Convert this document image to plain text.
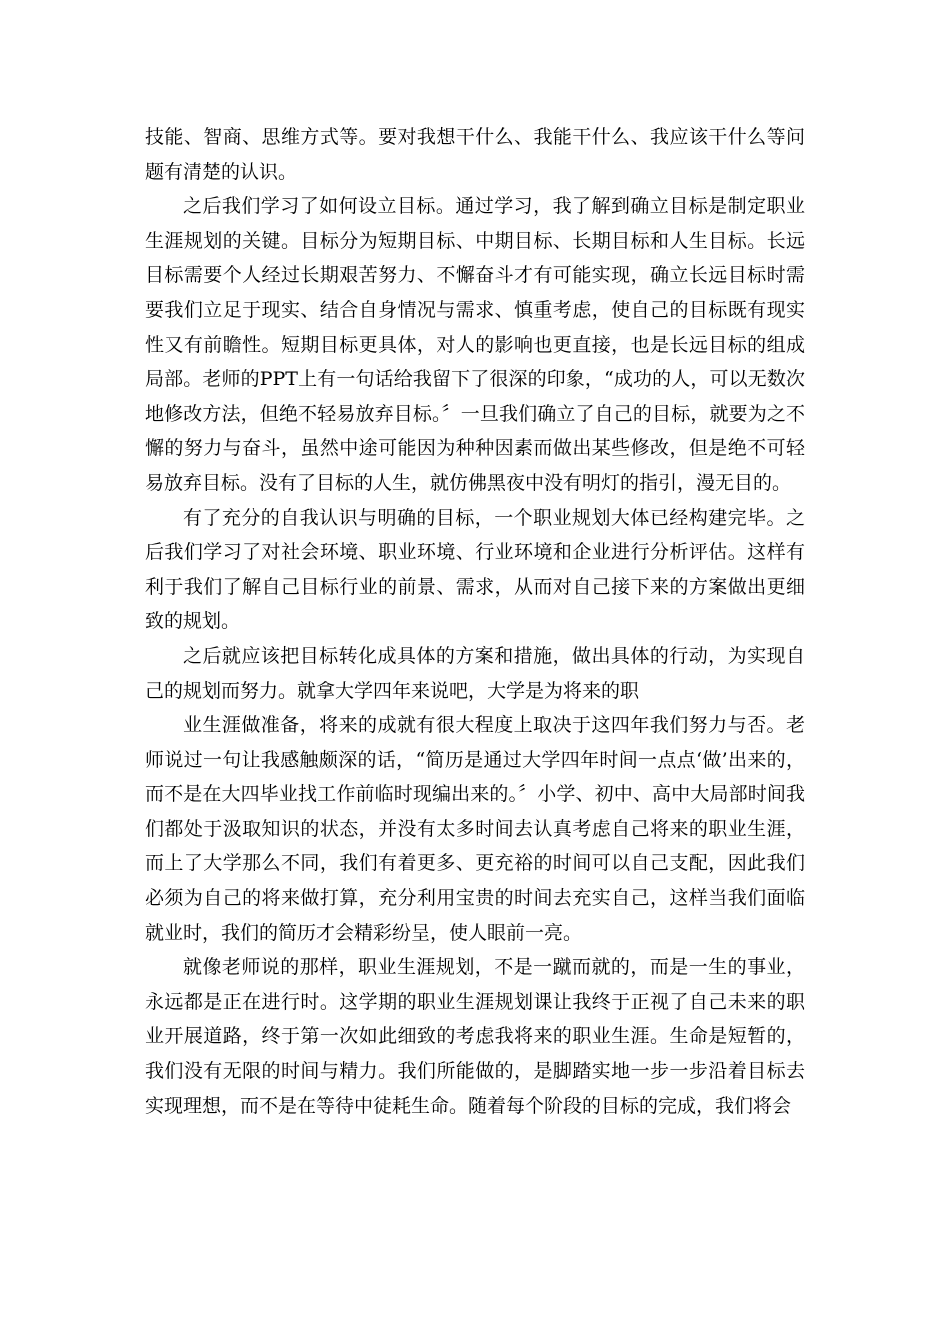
技能、智商、思维方式等。要对我想干什么、我能干什么、我应该干什么等问题有清楚的认识。

之后我们学习了如何设立目标。通过学习，我了解到确立目标是制定职业生涯规划的关键。目标分为短期目标、中期目标、长期目标和人生目标。长远目标需要个人经过长期艰苦努力、不懈奋斗才有可能实现，确立长远目标时需要我们立足于现实、结合自身情况与需求、慎重考虑，使自己的目标既有现实性又有前瞻性。短期目标更具体，对人的影响也更直接，也是长远目标的组成局部。老师的PPT上有一句话给我留下了很深的印象，“成功的人，可以无数次地修改方法，但绝不轻易放弃目标。〞一旦我们确立了自己的目标，就要为之不懈的努力与奋斗，虽然中途可能因为种种因素而做出某些修改，但是绝不可轻易放弃目标。没有了目标的人生，就仿佛黑夜中没有明灯的指引，漫无目的。

有了充分的自我认识与明确的目标，一个职业规划大体已经构建完毕。之后我们学习了对社会环境、职业环境、行业环境和企业进行分析评估。这样有利于我们了解自己目标行业的前景、需求，从而对自己接下来的方案做出更细致的规划。

之后就应该把目标转化成具体的方案和措施，做出具体的行动，为实现自己的规划而努力。就拿大学四年来说吧，大学是为将来的职

业生涯做准备，将来的成就有很大程度上取决于这四年我们努力与否。老师说过一句让我感触颇深的话，“简历是通过大学四年时间一点点‘做’出来的，而不是在大四毕业找工作前临时现编出来的。〞小学、初中、高中大局部时间我们都处于汲取知识的状态，并没有太多时间去认真考虑自己将来的职业生涯，而上了大学那么不同，我们有着更多、更充裕的时间可以自己支配，因此我们必须为自己的将来做打算，充分利用宝贵的时间去充实自己，这样当我们面临就业时，我们的简历才会精彩纷呈，使人眼前一亮。

就像老师说的那样，职业生涯规划，不是一蹴而就的，而是一生的事业，永远都是正在进行时。这学期的职业生涯规划课让我终于正视了自己未来的职业开展道路，终于第一次如此细致的考虑我将来的职业生涯。生命是短暂的，我们没有无限的时间与精力。我们所能做的，是脚踏实地一步一步沿着目标去实现理想，而不是在等待中徒耗生命。随着每个阶段的目标的完成，我们将会
